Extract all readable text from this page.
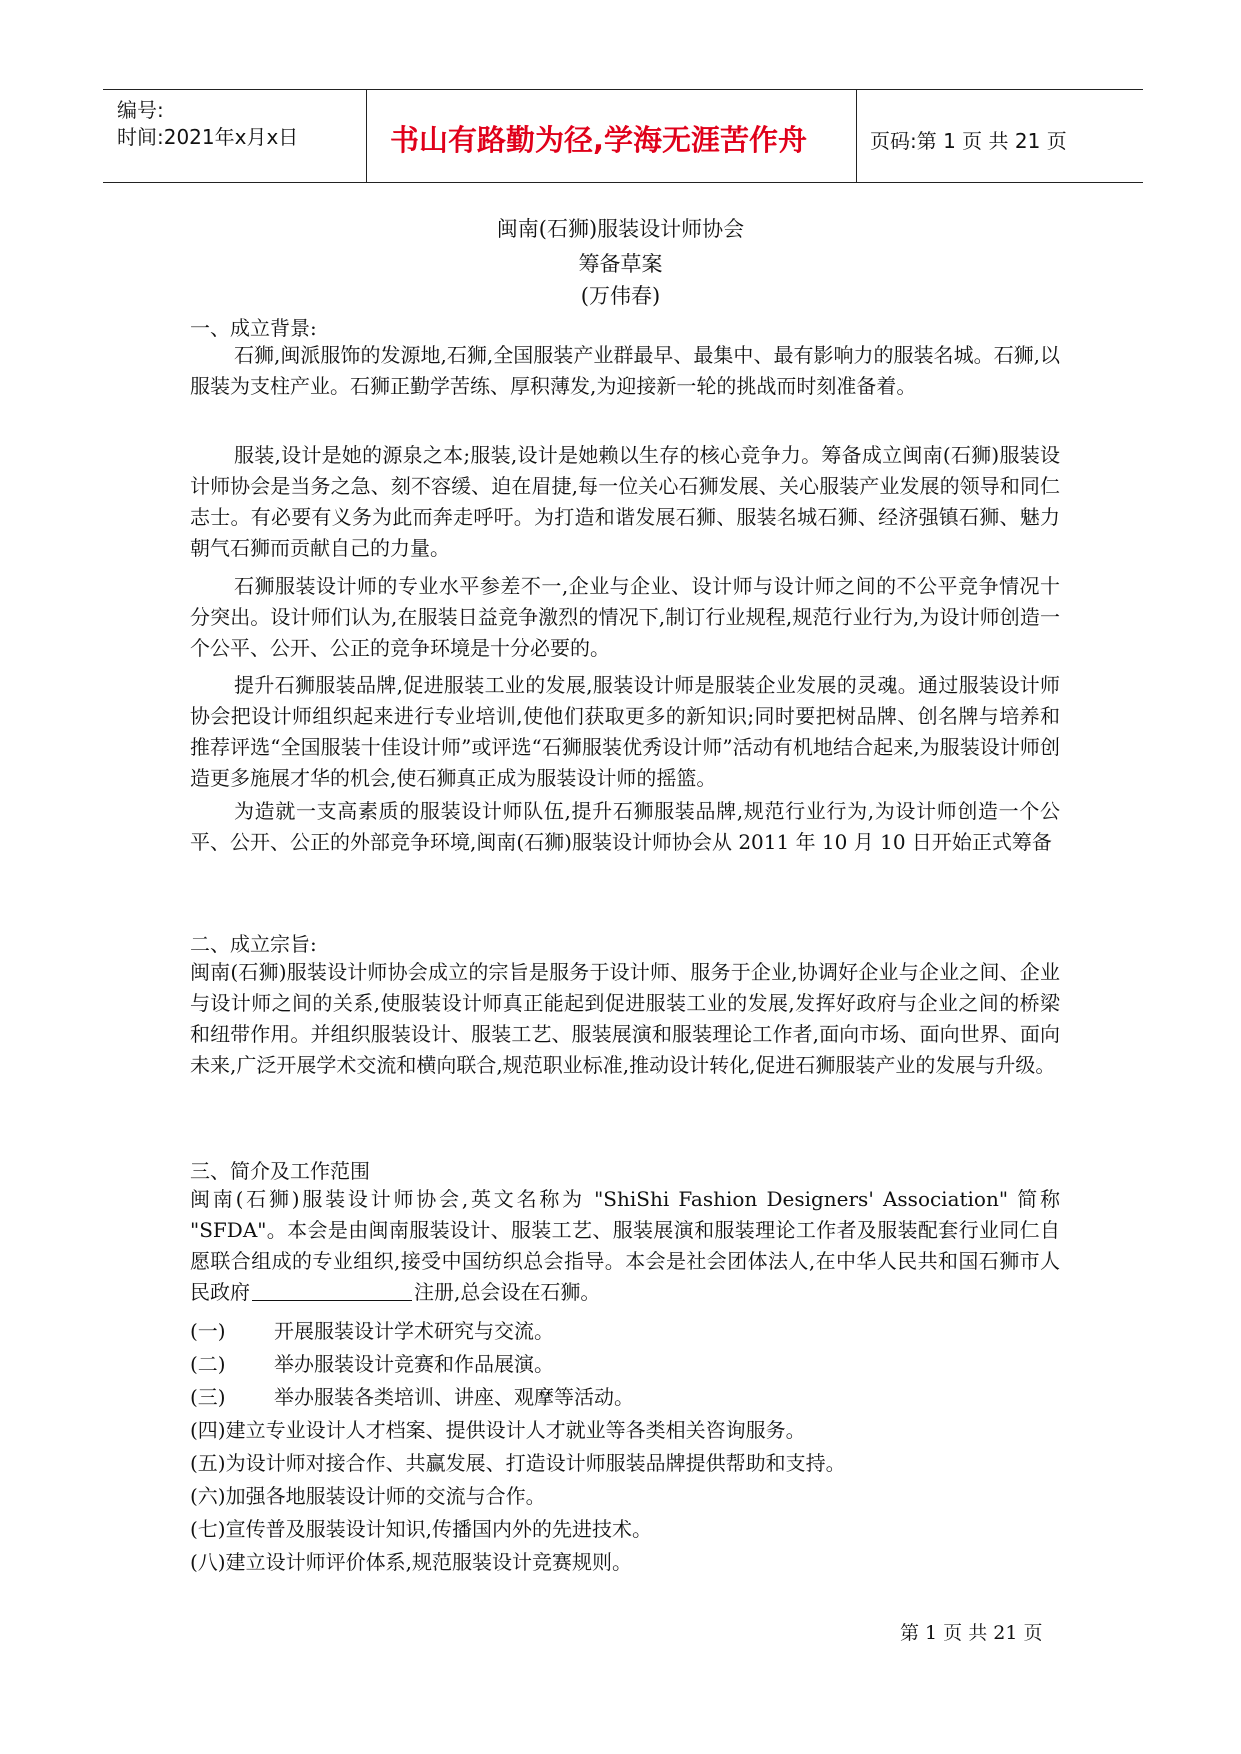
编号:
时间:2021年x月x日	书山有路勤为径,学海无涯苦作舟	页码:第 1 页 共 21 页
闽南(石狮)服装设计师协会
筹备草案
(万伟春)
一、成立背景:
石狮,闽派服饰的发源地,石狮,全国服装产业群最早、最集中、最有影响力的服装名城。石狮,以服装为支柱产业。石狮正勤学苦练、厚积薄发,为迎接新一轮的挑战而时刻准备着。
服装,设计是她的源泉之本;服装,设计是她赖以生存的核心竞争力。筹备成立闽南(石狮)服装设计师协会是当务之急、刻不容缓、迫在眉捷,每一位关心石狮发展、关心服装产业发展的领导和同仁志士。有必要有义务为此而奔走呼吁。为打造和谐发展石狮、服装名城石狮、经济强镇石狮、魅力朝气石狮而贡献自己的力量。
石狮服装设计师的专业水平参差不一,企业与企业、设计师与设计师之间的不公平竞争情况十分突出。设计师们认为,在服装日益竞争激烈的情况下,制订行业规程,规范行业行为,为设计师创造一个公平、公开、公正的竞争环境是十分必要的。
提升石狮服装品牌,促进服装工业的发展,服装设计师是服装企业发展的灵魂。通过服装设计师协会把设计师组织起来进行专业培训,使他们获取更多的新知识;同时要把树品牌、创名牌与培养和推荐评选“全国服装十佳设计师”或评选“石狮服装优秀设计师”活动有机地结合起来,为服装设计师创造更多施展才华的机会,使石狮真正成为服装设计师的摇篮。
为造就一支高素质的服装设计师队伍,提升石狮服装品牌,规范行业行为,为设计师创造一个公平、公开、公正的外部竞争环境,闽南(石狮)服装设计师协会从 2011 年 10 月 10 日开始正式筹备
二、成立宗旨:
闽南(石狮)服装设计师协会成立的宗旨是服务于设计师、服务于企业,协调好企业与企业之间、企业与设计师之间的关系,使服装设计师真正能起到促进服装工业的发展,发挥好政府与企业之间的桥梁和纽带作用。并组织服装设计、服装工艺、服装展演和服装理论工作者,面向市场、面向世界、面向未来,广泛开展学术交流和横向联合,规范职业标准,推动设计转化,促进石狮服装产业的发展与升级。
三、简介及工作范围
闽南(石狮)服装设计师协会,英文名称为 "ShiShi Fashion Designers' Association" 简称 "SFDA"。本会是由闽南服装设计、服装工艺、服装展演和服装理论工作者及服装配套行业同仁自愿联合组成的专业组织,接受中国纺织总会指导。本会是社会团体法人,在中华人民共和国石狮市人民政府	注册,总会设在石狮。
(一) 开展服装设计学术研究与交流。
(二) 举办服装设计竞赛和作品展演。
(三) 举办服装各类培训、讲座、观摩等活动。
(四)建立专业设计人才档案、提供设计人才就业等各类相关咨询服务。
(五)为设计师对接合作、共赢发展、打造设计师服装品牌提供帮助和支持。
(六)加强各地服装设计师的交流与合作。
(七)宣传普及服装设计知识,传播国内外的先进技术。
(八)建立设计师评价体系,规范服装设计竞赛规则。
第 1 页 共 21 页
